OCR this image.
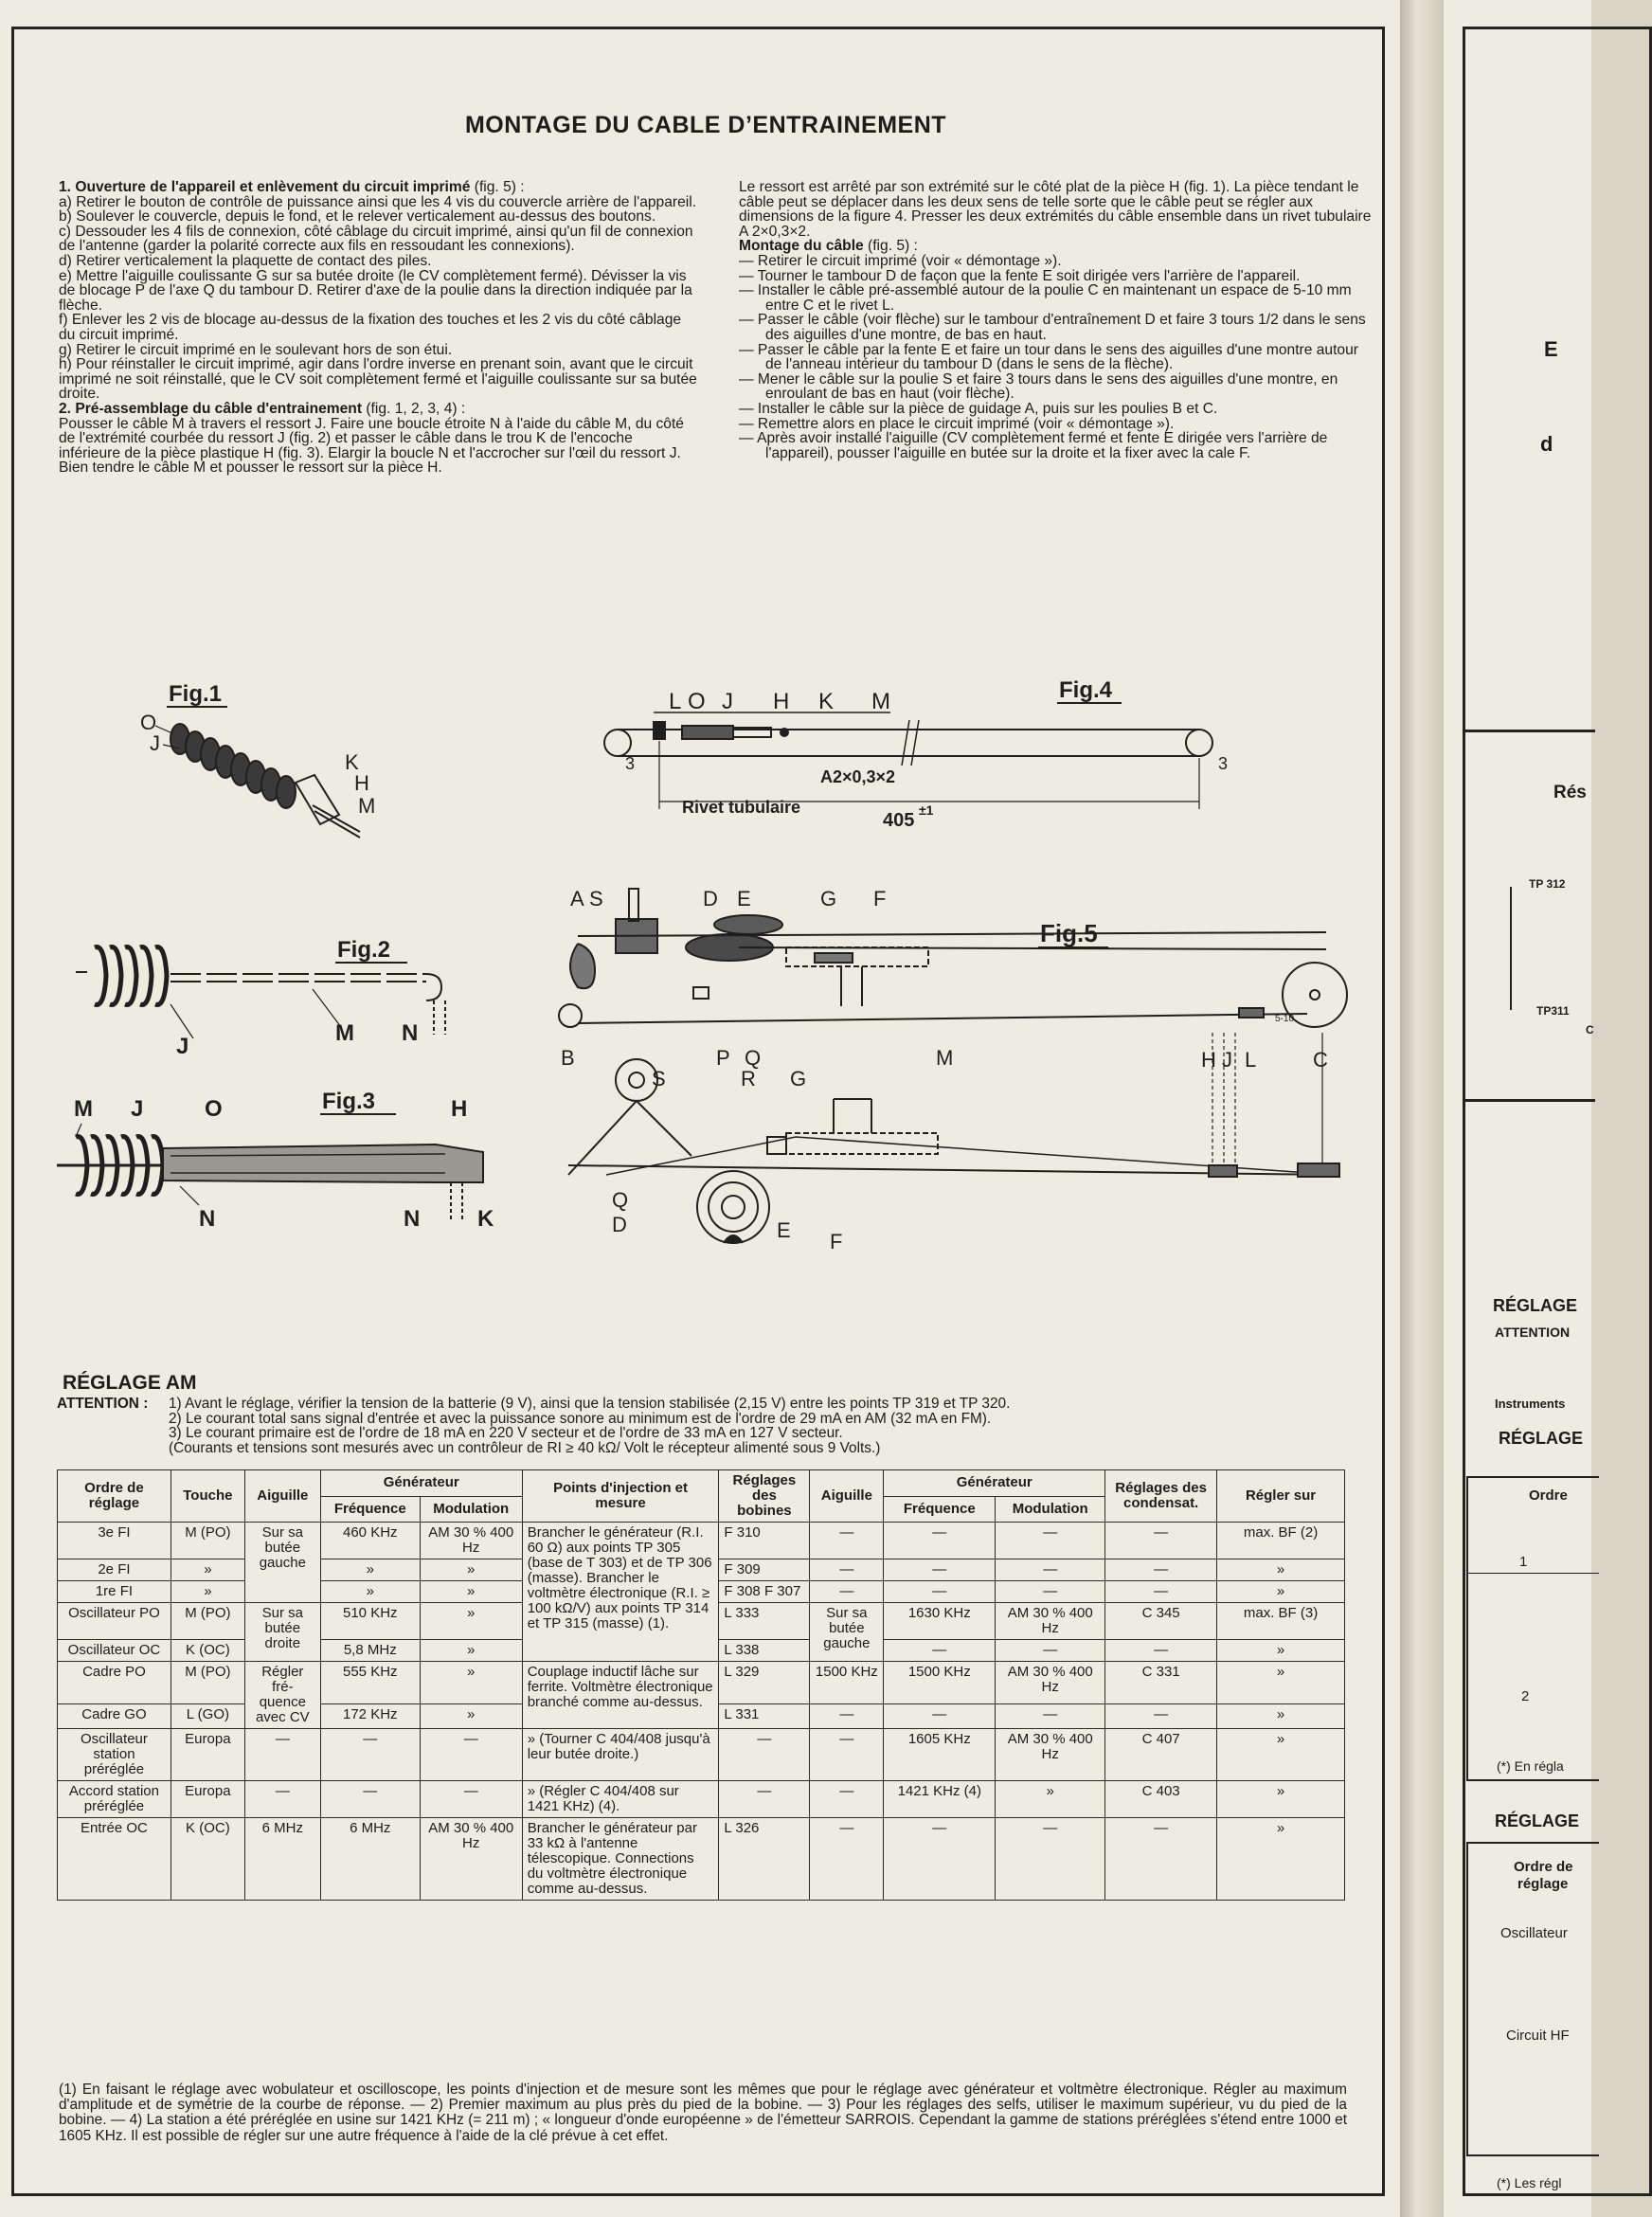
MONTAGE DU CABLE D’ENTRAINEMENT

1. Ouverture de l'appareil et enlèvement du circuit imprimé (fig. 5) :

a) Retirer le bouton de contrôle de puissance ainsi que les 4 vis du couvercle arrière de l'appareil.

b) Soulever le couvercle, depuis le fond, et le relever verticalement au-dessus des boutons.

c) Dessouder les 4 fils de connexion, côté câblage du circuit imprimé, ainsi qu'un fil de connexion de l'antenne (garder la polarité correcte aux fils en ressoudant les connexions).

d) Retirer verticalement la plaquette de contact des piles.

e) Mettre l'aiguille coulissante G sur sa butée droite (le CV complètement fermé). Dévisser la vis de blocage P de l'axe Q du tambour D. Retirer d'axe de la poulie dans la direction indiquée par la flèche.

f) Enlever les 2 vis de blocage au-dessus de la fixation des touches et les 2 vis du côté câblage du circuit imprimé.

g) Retirer le circuit imprimé en le soulevant hors de son étui.

h) Pour réinstaller le circuit imprimé, agir dans l'ordre inverse en prenant soin, avant que le circuit imprimé ne soit réinstallé, que le CV soit complètement fermé et l'aiguille coulissante sur sa butée droite.

2. Pré-assemblage du câble d'entrainement (fig. 1, 2, 3, 4) :

Pousser le câble M à travers el ressort J. Faire une boucle étroite N à l'aide du câble M, du côté de l'extrémité courbée du ressort J (fig. 2) et passer le câble dans le trou K de l'encoche inférieure de la pièce plastique H (fig. 3). Elargir la boucle N et l'accrocher sur l'œil du ressort J. Bien tendre le câble M et pousser le ressort sur la pièce H.

Le ressort est arrêté par son extrémité sur le côté plat de la pièce H (fig. 1). La pièce tendant le câble peut se déplacer dans les deux sens de telle sorte que le câble peut se régler aux dimensions de la figure 4. Presser les deux extrémités du câble ensemble dans un rivet tubulaire A 2×0,3×2.

Montage du câble (fig. 5) :

— Retirer le circuit imprimé (voir « démontage »).

— Tourner le tambour D de façon que la fente E soit dirigée vers l'arrière de l'appareil.

— Installer le câble pré-assemblé autour de la poulie C en maintenant un espace de 5-10 mm entre C et le rivet L.

— Passer le câble (voir flèche) sur le tambour d'entraînement D et faire 3 tours 1/2 dans le sens des aiguilles d'une montre, de bas en haut.

— Passer le câble par la fente E et faire un tour dans le sens des aiguilles d'une montre autour de l'anneau intérieur du tambour D (dans le sens de la flèche).

— Mener le câble sur la poulie S et faire 3 tours dans le sens des aiguilles d'une montre, en enroulant de bas en haut (voir flèche).

— Installer le câble sur la pièce de guidage A, puis sur les poulies B et C.

— Remettre alors en place le circuit imprimé (voir « démontage »).

— Après avoir installé l'aiguille (CV complètement fermé et fente E dirigée vers l'arrière de l'appareil), pousser l'aiguille en butée sur la droite et la fixer avec la cale F.

Fig.1
O
J
K
H
M
Fig.4
L O J H K M
A2×0,3×2
Rivet tubulaire
3	3
405 ±1
Fig.2
J
M N
Fig.3
M J	O	H
N	N	K
Fig.5
A S	D E	G F
B	P Q	M
S	R G
H J L	C
Q
D	E F
5-10
RÉGLAGE AM
ATTENTION :	1) Avant le réglage, vérifier la tension de la batterie (9 V), ainsi que la tension stabilisée (2,15 V) entre les points TP 319 et TP 320.

2) Le courant total sans signal d'entrée et avec la puissance sonore au minimum est de l'ordre de 29 mA en AM (32 mA en FM).

3) Le courant primaire est de l'ordre de 18 mA en 220 V secteur et de l'ordre de 33 mA en 127 V secteur.

(Courants et tensions sont mesurés avec un contrôleur de RI ≥ 40 kΩ/ Volt le récepteur alimenté sous 9 Volts.)

Ordre de réglage	Touche	Aiguille	Générateur		Points d'injection et mesure	Réglages des bobines	Aiguille	Générateur		Réglages des condensat.	Régler sur
			Fréquence	Modulation				Fréquence	Modulation		
3e FI	M (PO)	Sur sa butée gauche	460 KHz	AM 30 % 400 Hz	Brancher le générateur (R.I. 60 Ω) aux points TP 305 (base de T 303) et de TP 306 (masse). Brancher le voltmètre électronique (R.I. ≥ 100 kΩ/V) aux points TP 314 et TP 315 (masse) (1).	F 310	—	—	—	—	max. BF (2)
2e FI	»		»	»		F 309	—	—	—	—	»
1re FI	»		»	»		F 308 F 307	—	—	—	—	»
Oscillateur PO	M (PO)	Sur sa butée droite	510 KHz	»		L 333	Sur sa butée gauche	1630 KHz	AM 30 % 400 Hz	C 345	max. BF (3)
Oscillateur OC	K (OC)		5,8 MHz	»		L 338		—	—	—	»
Cadre PO	M (PO)	Régler fré-quence avec CV	555 KHz	»	Couplage inductif lâche sur ferrite. Voltmètre électronique branché comme au-dessus.	L 329	1500 KHz	1500 KHz	AM 30 % 400 Hz	C 331	»
Cadre GO	L (GO)		172 KHz	»		L 331	—	—	—	—	»
Oscillateur station préréglée	Europa	—	—	—	» (Tourner C 404/408 jusqu'à leur butée droite.)	—	—	1605 KHz	AM 30 % 400 Hz	C 407	»
Accord station préréglée	Europa	—	—	—	» (Régler C 404/408 sur 1421 KHz) (4).	—	—	1421 KHz (4)	»	C 403	»
Entrée OC	K (OC)	6 MHz	6 MHz	AM 30 % 400 Hz	Brancher le générateur par 33 kΩ à l'antenne télescopique. Connections du voltmètre électronique comme au-dessus.	L 326	—	—	—	—	»

(1) En faisant le réglage avec wobulateur et oscilloscope, les points d'injection et de mesure sont les mêmes que pour le réglage avec générateur et voltmètre électronique. Régler au maximum d'amplitude et de symétrie de la courbe de réponse. — 2) Premier maximum au plus près du pied de la bobine. — 3) Pour les réglages des selfs, utiliser le maximum supérieur, vu du pied de la bobine. — 4) La station a été préréglée en usine sur 1421 KHz (= 211 m) ; « longueur d'onde européenne » de l'émetteur SARROIS. Cependant la gamme de stations préréglées s'étend entre 1000 et 1605 KHz. Il est possible de régler sur une autre fréquence à l'aide de la clé prévue à cet effet.

E
d
Rés
TP 312
TP311
C
RÉGLAGE
ATTENTION
Instruments
RÉGLAGE
Ordre
1
2
(*) En régla
RÉGLAGE
Ordre de
réglage
Oscillateur
Circuit HF
(*) Les régl
